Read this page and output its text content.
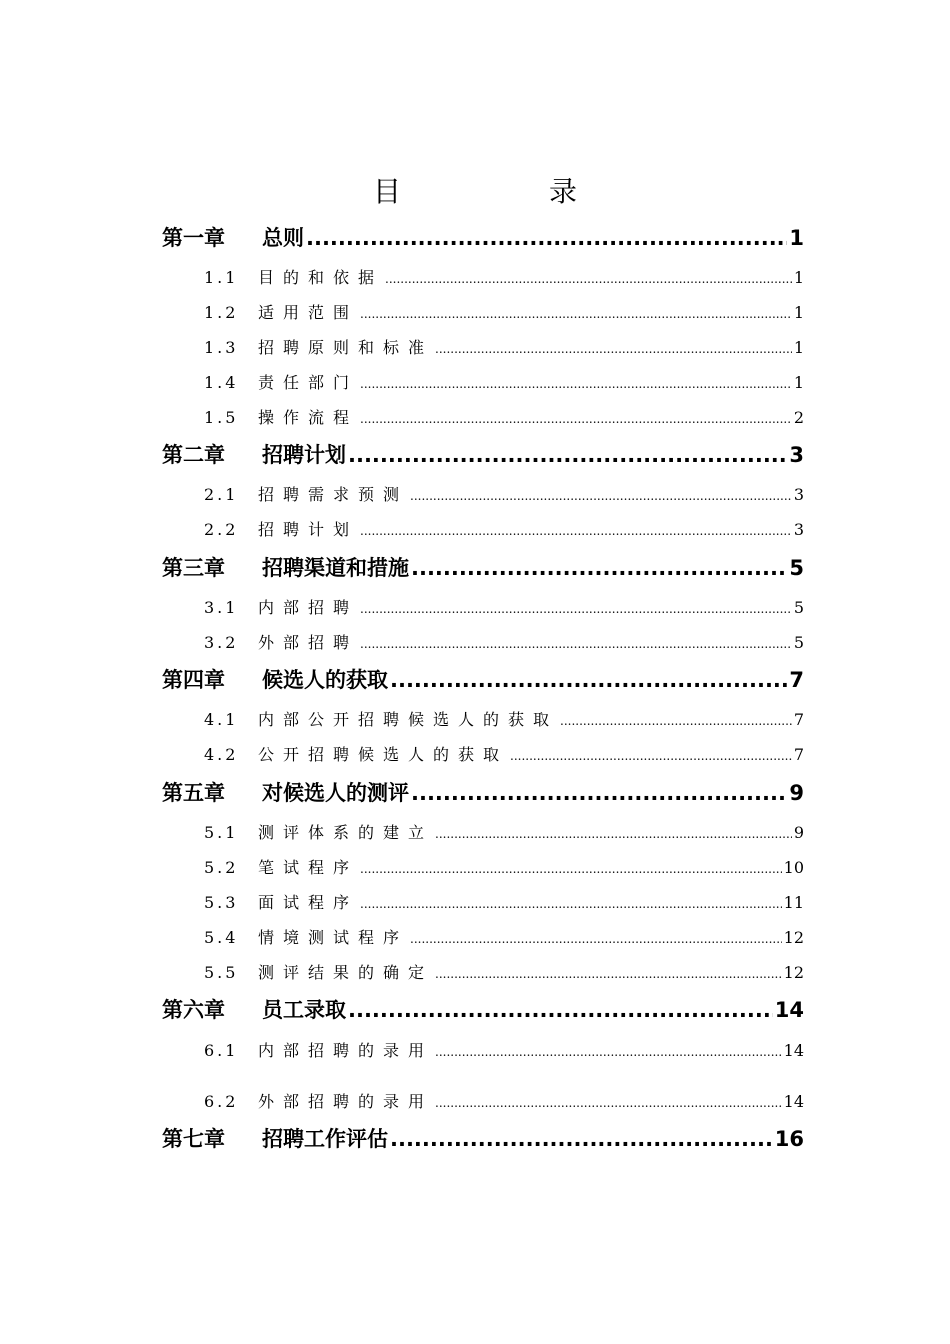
目　录
第一章	总则 .....	1
1.1	目的和依据 .....	1
1.2	适用范围 .....	1
1.3	招聘原则和标准 .....	1
1.4	责任部门 .....	1
1.5	操作流程 .....	2
第二章	招聘计划 .....	3
2.1	招聘需求预测 .....	3
2.2	招聘计划 .....	3
第三章	招聘渠道和措施 .....	5
3.1	内部招聘 .....	5
3.2	外部招聘 .....	5
第四章	候选人的获取 .....	7
4.1	内部公开招聘候选人的获取 .....	7
4.2	公开招聘候选人的获取 .....	7
第五章	对候选人的测评 .....	9
5.1	测评体系的建立 .....	9
5.2	笔试程序 .....	10
5.3	面试程序 .....	11
5.4	情境测试程序 .....	12
5.5	测评结果的确定 .....	12
第六章	员工录取 .....	14
6.1	内部招聘的录用 .....	14
6.2	外部招聘的录用 .....	14
第七章	招聘工作评估 .....	16
